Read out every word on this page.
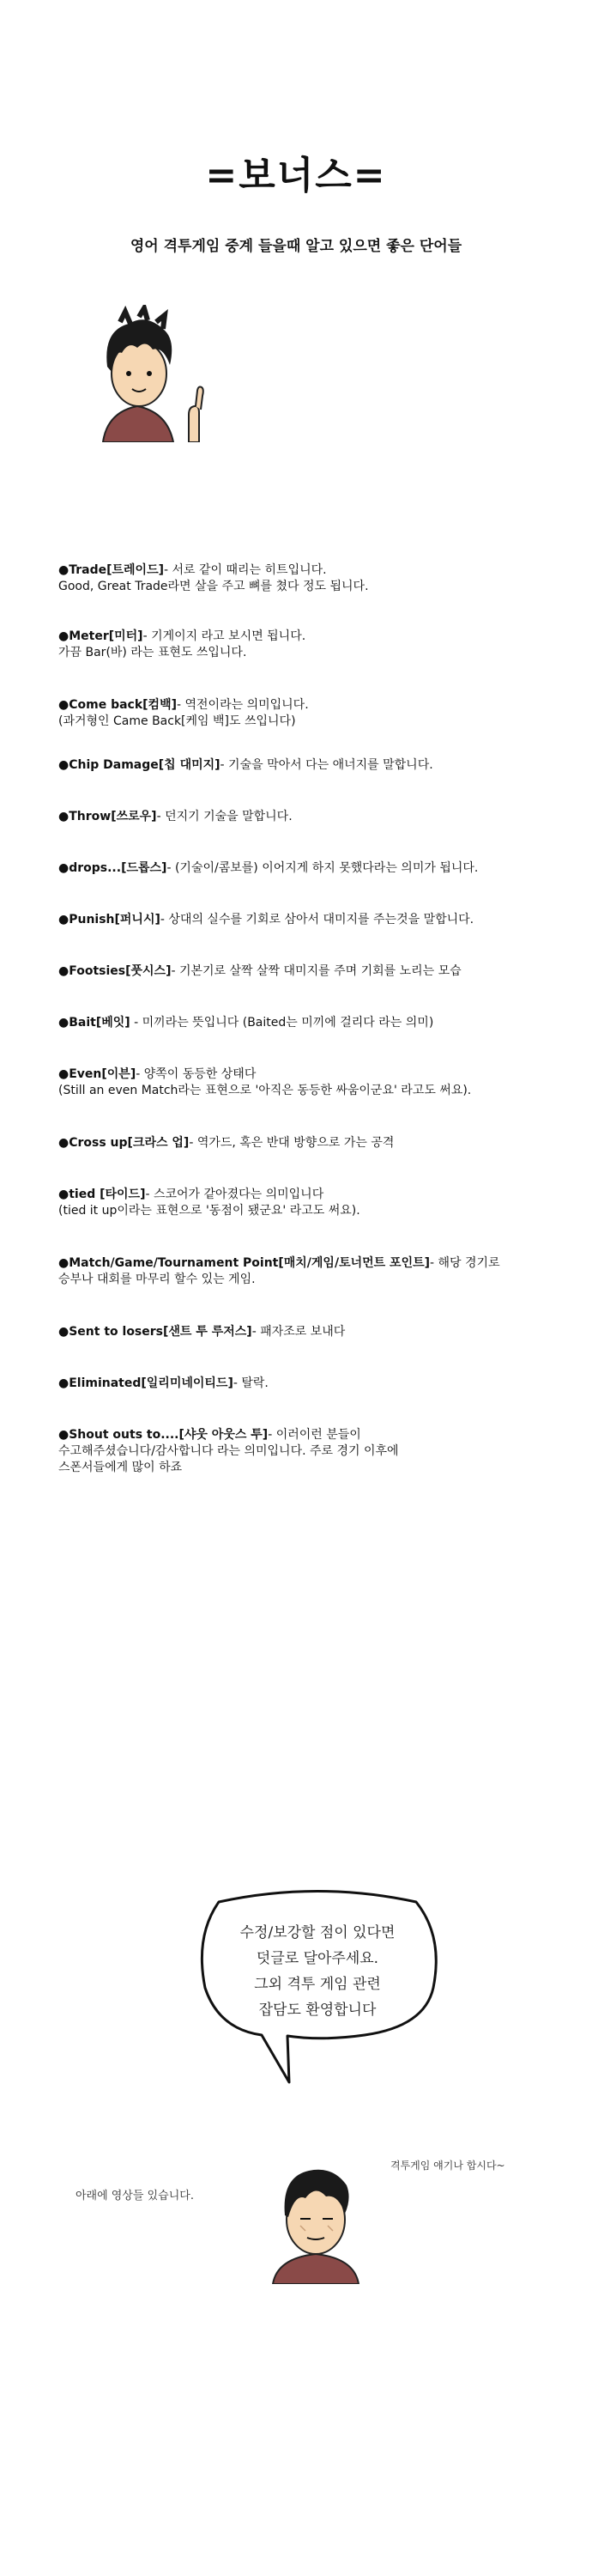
=보너스=
영어 격투게임 중계 들을때 알고 있으면 좋은 단어들
●Trade[트레이드]- 서로 같이 때리는 히트입니다.
Good, Great Trade라면 살을 주고 뼈를 쳤다 정도 됩니다.
●Meter[미터]- 기게이지 라고 보시면 됩니다.
가끔 Bar(바) 라는 표현도 쓰입니다.
●Come back[컴백]- 역전이라는 의미입니다.
(과거형인 Came Back[케임 백]도 쓰입니다)
●Chip Damage[칩 대미지]- 기술을 막아서 다는 애너지를 말합니다.
●Throw[쓰로우]- 던지기 기술을 말합니다.
●drops...[드롭스]- (기술이/콤보를) 이어지게 하지 못했다라는 의미가 됩니다.
●Punish[퍼니시]- 상대의 실수를 기회로 삼아서 대미지를 주는것을 말합니다.
●Footsies[풋시스]- 기본기로 살짝 살짝 대미지를 주며 기회를 노리는 모습
●Bait[베잇] - 미끼라는 뜻입니다 (Baited는 미끼에 걸리다 라는 의미)
●Even[이븐]- 양쪽이 동등한 상태다
(Still an even Match라는 표현으로 '아직은 동등한 싸움이군요' 라고도 써요).
●Cross up[크라스 업]- 역가드, 혹은 반대 방향으로 가는 공격
●tied [타이드]- 스코어가 같아졌다는 의미입니다
(tied it up이라는 표현으로 '동점이 됐군요' 라고도 써요).
●Match/Game/Tournament Point[매치/게임/토너먼트 포인트]- 해당 경기로
승부나 대회를 마무리 할수 있는 게임.
●Sent to losers[샌트 투 루저스]- 패자조로 보내다
●Eliminated[일리미네이티드]- 탈락.
●Shout outs to....[샤웃 아웃스 투]- 이러이런 분들이
수고해주셨습니다/감사합니다 라는 의미입니다. 주로 경기 이후에
스폰서들에게 많이 하죠
수정/보강할 점이 있다면
덧글로 달아주세요.
그외 격투 게임 관련
잡담도 환영합니다
아래에 영상들 있습니다.
격투게임 얘기나 합시다~
